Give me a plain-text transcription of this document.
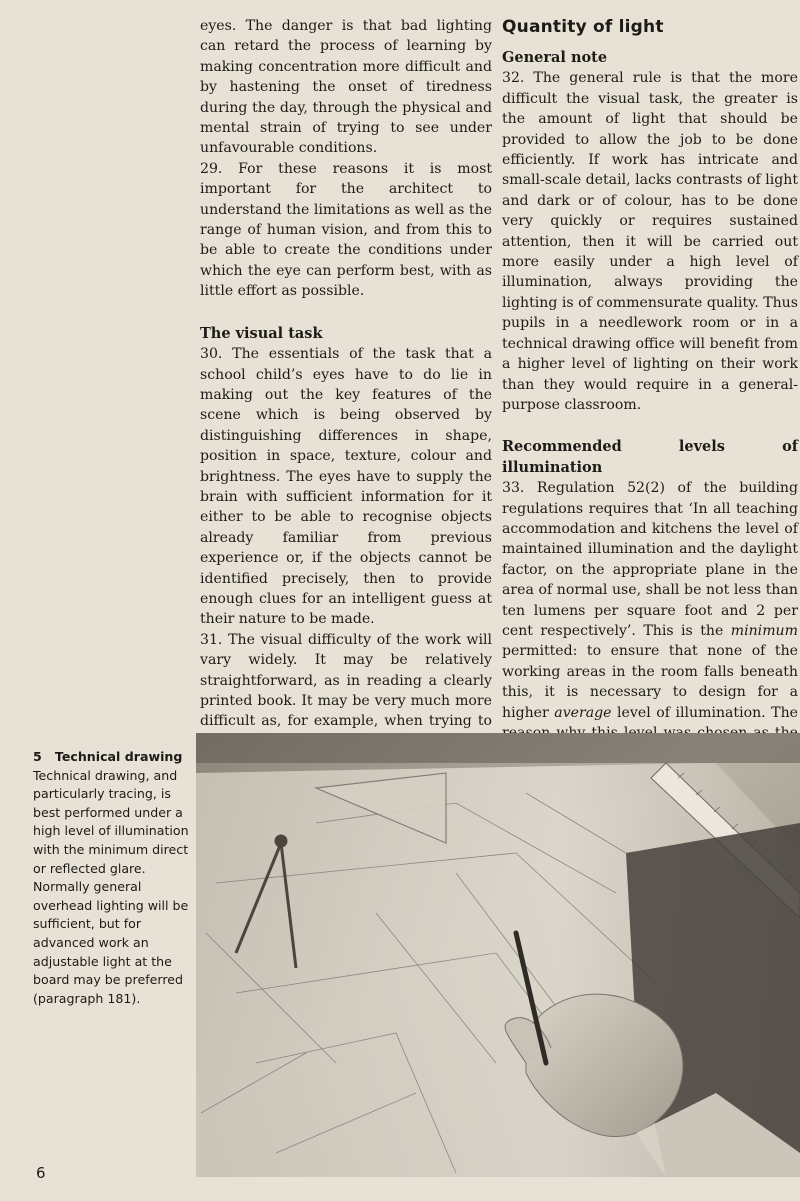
eyes. The danger is that bad lighting can retard the process of learning by making concentration more difficult and by hastening the onset of tiredness during the day, through the physical and mental strain of trying to see under unfavourable conditions.

29. For these reasons it is most important for the architect to understand the limitations as well as the range of human vision, and from this to be able to create the conditions under which the eye can perform best, with as little effort as possible.

The visual task

30. The essentials of the task that a school child’s eyes have to do lie in making out the key features of the scene which is being observed by distinguishing differences in shape, position in space, texture, colour and brightness. The eyes have to supply the brain with sufficient information for it either to be able to recognise objects already familiar from previous experience or, if the objects cannot be identified precisely, then to provide enough clues for an intelligent guess at their nature to be made.

31. The visual difficulty of the work will vary widely. It may be relatively straightforward, as in reading a clearly printed book. It may be very much more difficult as, for example, when trying to

Quantity of light

General note

32. The general rule is that the more difficult the visual task, the greater is the amount of light that should be provided to allow the job to be done efficiently. If work has intricate and small-scale detail, lacks contrasts of light and dark or of colour, has to be done very quickly or requires sustained attention, then it will be carried out more easily under a high level of illumination, always providing the lighting is of commensurate quality. Thus pupils in a needlework room or in a technical drawing office will benefit from a higher level of lighting on their work than they would require in a general-purpose classroom.

Recommended levels of illumination

33. Regulation 52(2) of the building regulations requires that ‘In all teaching accommodation and kitchens the level of maintained illumination and the daylight factor, on the appropriate plane in the area of normal use, shall be not less than ten lumens per square foot and 2 per cent respectively’. This is the minimum permitted: to ensure that none of the working areas in the room falls beneath this, it is necessary to design for a higher average level of illumination. The

5 Technical drawing
Technical drawing, and particularly tracing, is best performed under a high level of illumination with the minimum direct or reflected glare. Normally general overhead lighting will be sufficient, but for advanced work an adjustable light at the board may be preferred (paragraph 181).
6
